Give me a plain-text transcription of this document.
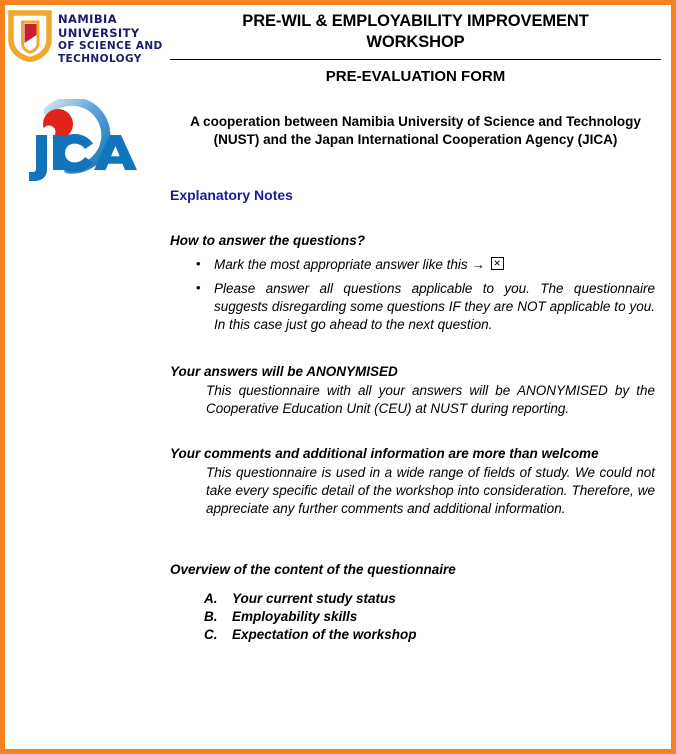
NAMIBIA
UNIVERSITY
OF SCIENCE AND
TECHNOLOGY
PRE-WIL & EMPLOYABILITY IMPROVEMENT
WORKSHOP
PRE-EVALUATION FORM
A cooperation between Namibia University of Science and Technology (NUST) and the Japan International Cooperation Agency (JICA)
Explanatory Notes
How to answer the questions?
• Mark the most appropriate answer like this → ×
• Please answer all questions applicable to you. The questionnaire suggests disregarding some questions IF they are NOT applicable to you. In this case just go ahead to the next question.
Your answers will be ANONYMISED

This questionnaire with all your answers will be ANONYMISED by the Cooperative Education Unit (CEU) at NUST during reporting.

Your comments and additional information are more than welcome

This questionnaire is used in a wide range of fields of study. We could not take every specific detail of the workshop into consideration. Therefore, we appreciate any further comments and additional information.

Overview of the content of the questionnaire
A. Your current study status
B. Employability skills
C. Expectation of the workshop
